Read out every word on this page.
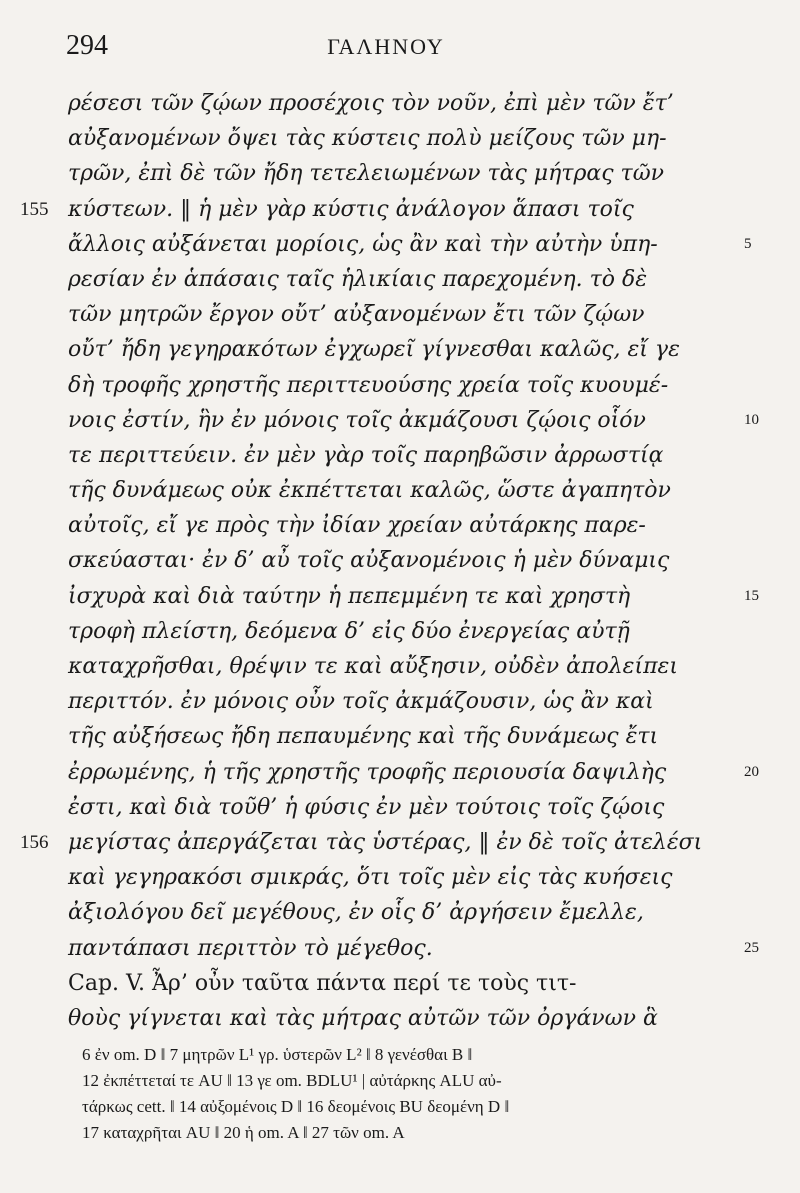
294	ΓΑΛΗΝΟΥ
ρέσεσι τῶν ζῴων προσέχοις τὸν νοῦν, ἐπὶ μὲν τῶν ἔτ’
αὐξανομένων ὄψει τὰς κύστεις πολὺ μείζους τῶν μη-
τρῶν, ἐπὶ δὲ τῶν ἤδη τετελειωμένων τὰς μήτρας τῶν
κύστεων. ‖ ἡ μὲν γὰρ κύστις ἀνάλογον ἅπασι τοῖς
155
ἄλλοις αὐξάνεται μορίοις, ὡς ἂν καὶ τὴν αὐτὴν ὑπη-	5
ρεσίαν ἐν ἁπάσαις ταῖς ἡλικίαις παρεχομένη. τὸ δὲ
τῶν μητρῶν ἔργον οὔτ’ αὐξανομένων ἔτι τῶν ζῴων
οὔτ’ ἤδη γεγηρακότων ἐγχωρεῖ γίγνεσθαι καλῶς, εἴ γε
δὴ τροφῆς χρηστῆς περιττευούσης χρεία τοῖς κυουμέ-
νοις ἐστίν, ἣν ἐν μόνοις τοῖς ἀκμάζουσι ζῴοις οἷόν	10
τε περιττεύειν. ἐν μὲν γὰρ τοῖς παρηβῶσιν ἀρρωστίᾳ
τῆς δυνάμεως οὐκ ἐκπέττεται καλῶς, ὥστε ἀγαπητὸν
αὐτοῖς, εἴ γε πρὸς τὴν ἰδίαν χρείαν αὐτάρκης παρε-
σκεύασται· ἐν δ’ αὖ τοῖς αὐξανομένοις ἡ μὲν δύναμις
ἰσχυρὰ καὶ διὰ ταύτην ἡ πεπεμμένη τε καὶ χρηστὴ	15
τροφὴ πλείστη, δεόμενα δ’ εἰς δύο ἐνεργείας αὐτῇ
καταχρῆσθαι, θρέψιν τε καὶ αὔξησιν, οὐδὲν ἀπολείπει
περιττόν. ἐν μόνοις οὖν τοῖς ἀκμάζουσιν, ὡς ἂν καὶ
τῆς αὐξήσεως ἤδη πεπαυμένης καὶ τῆς δυνάμεως ἔτι
ἐρρωμένης, ἡ τῆς χρηστῆς τροφῆς περιουσία δαψιλὴς	20
ἐστι, καὶ διὰ τοῦθ’ ἡ φύσις ἐν μὲν τούτοις τοῖς ζῴοις
μεγίστας ἀπεργάζεται τὰς ὑστέρας, ‖ ἐν δὲ τοῖς ἀτελέσι
156
καὶ γεγηρακόσι σμικράς, ὅτι τοῖς μὲν εἰς τὰς κυήσεις
ἀξιολόγου δεῖ μεγέθους, ἐν οἷς δ’ ἀργήσειν ἔμελλε,
παντάπασι περιττὸν τὸ μέγεθος.	25
Cap. V. Ἆρ’ οὖν ταῦτα πάντα περί τε τοὺς τιτ-
θοὺς γίγνεται καὶ τὰς μήτρας αὐτῶν τῶν ὀργάνων ἃ
6 ἐν om. D ‖ 7 μητρῶν L¹ γρ. ὑστερῶν L² ‖ 8 γενέσθαι B ‖
12 ἐκπέττεταί τε AU ‖ 13 γε om. BDLU¹ | αὐτάρκης ALU αὐ-
τάρκως cett. ‖ 14 αὐξομένοις D ‖ 16 δεομένοις BU δεομένη D ‖
17 καταχρῆται AU ‖ 20 ἡ om. A ‖ 27 τῶν om. A
